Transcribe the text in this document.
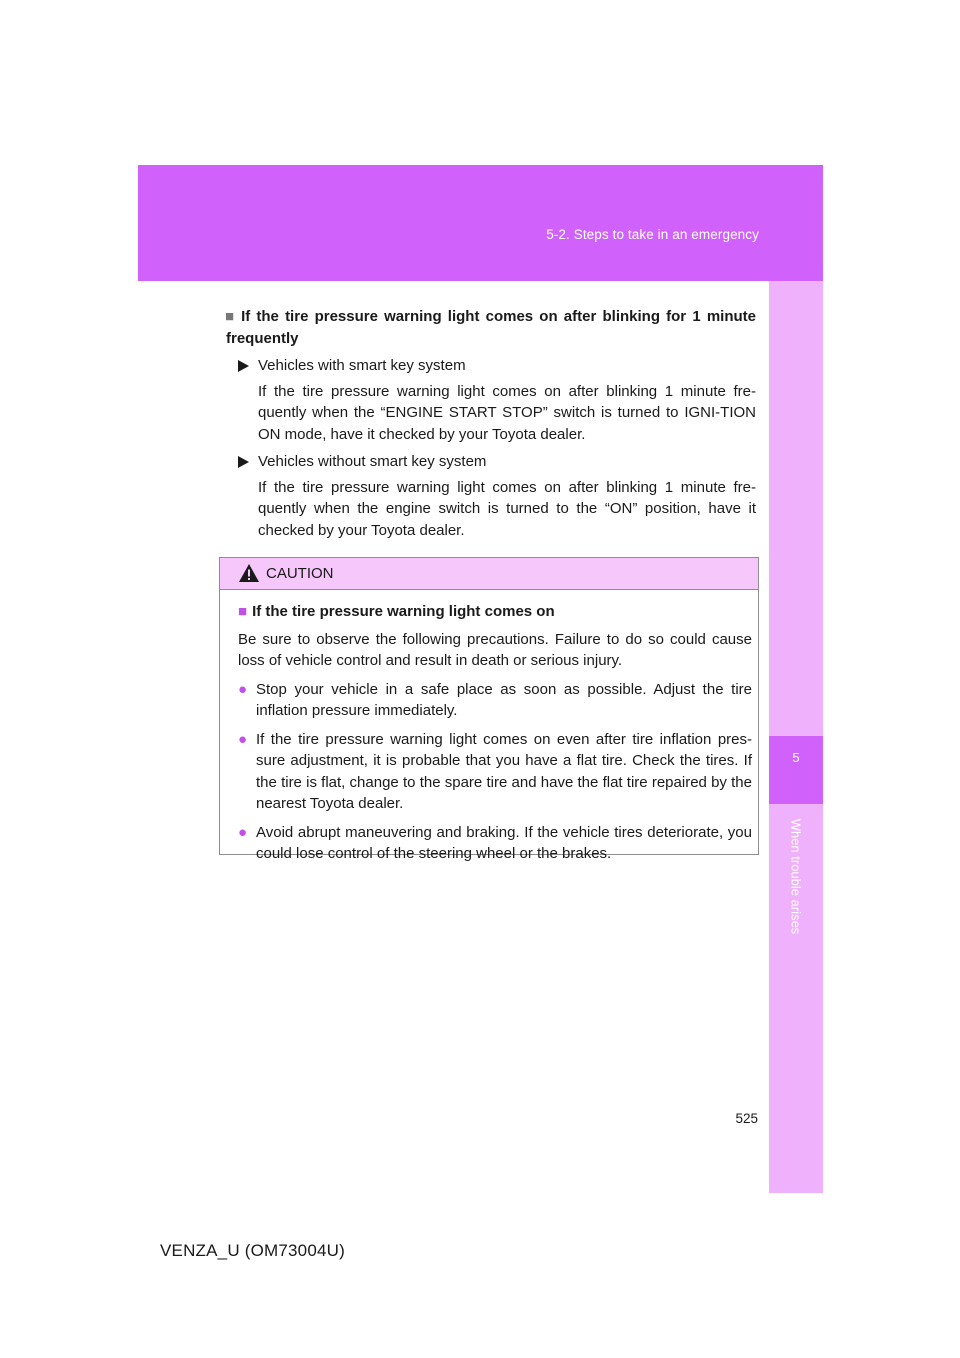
5-2. Steps to take in an emergency
5
When trouble arises
■ If the tire pressure warning light comes on after blinking for 1 minute frequently
Vehicles with smart key system
If the tire pressure warning light comes on after blinking 1 minute fre-quently when the “ENGINE START STOP” switch is turned to IGNI-TION ON mode, have it checked by your Toyota dealer.
Vehicles without smart key system
If the tire pressure warning light comes on after blinking 1 minute fre-quently when the engine switch is turned to the “ON” position, have it checked by your Toyota dealer.
CAUTION
■ If the tire pressure warning light comes on
Be sure to observe the following precautions. Failure to do so could cause loss of vehicle control and result in death or serious injury.
● Stop your vehicle in a safe place as soon as possible. Adjust the tire inflation pressure immediately.
● If the tire pressure warning light comes on even after tire inflation pres-sure adjustment, it is probable that you have a flat tire. Check the tires. If the tire is flat, change to the spare tire and have the flat tire repaired by the nearest Toyota dealer.
● Avoid abrupt maneuvering and braking. If the vehicle tires deteriorate, you could lose control of the steering wheel or the brakes.
525
VENZA_U (OM73004U)
